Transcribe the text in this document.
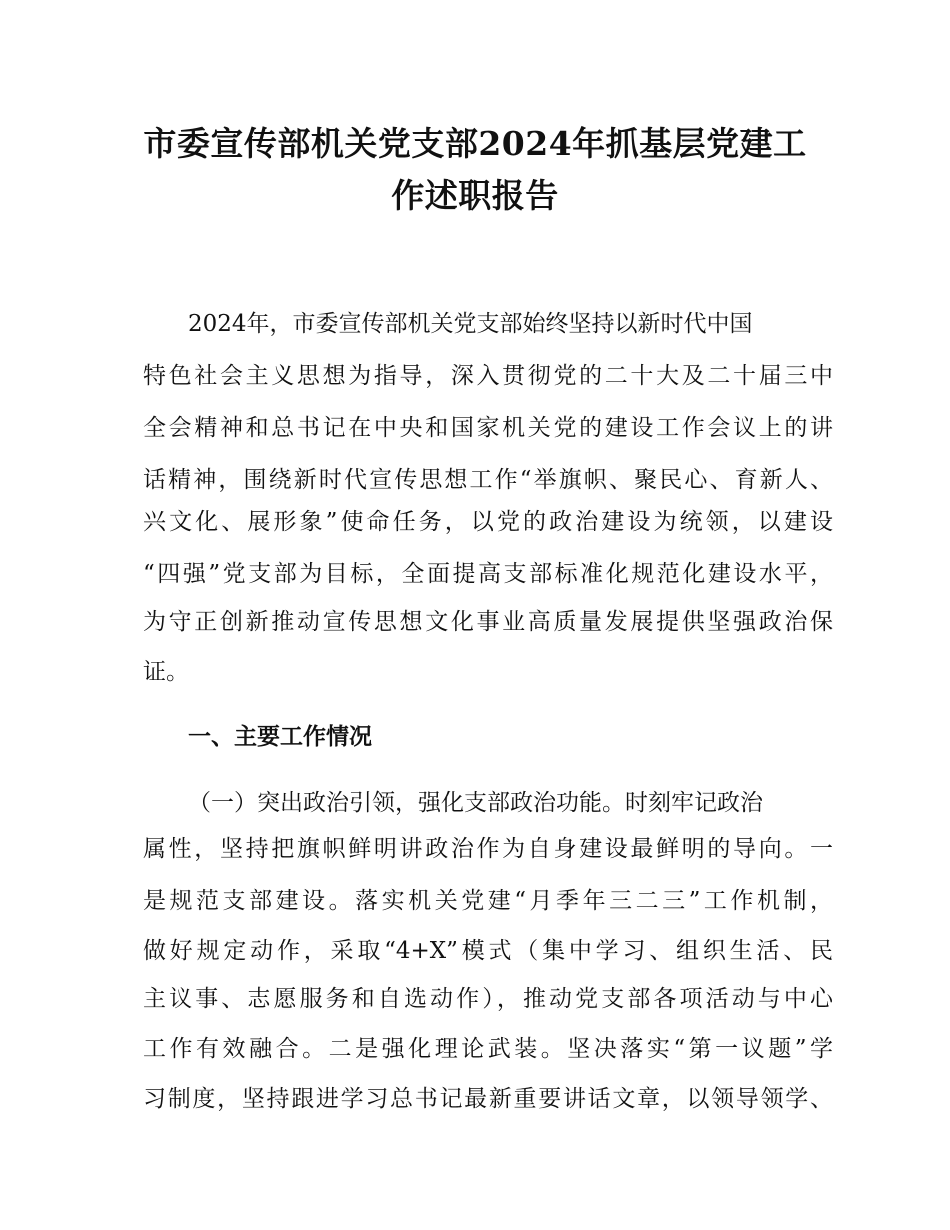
市委宣传部机关党支部2024年抓基层党建工
作述职报告

2024年，市委宣传部机关党支部始终坚持以新时代中国

特色社会主义思想为指导，深入贯彻党的二十大及二十届三中

全会精神和总书记在中央和国家机关党的建设工作会议上的讲

话精神，围绕新时代宣传思想工作“举旗帜、聚民心、育新人、

兴文化、展形象”使命任务，以党的政治建设为统领，以建设

“四强”党支部为目标，全面提高支部标准化规范化建设水平，

为守正创新推动宣传思想文化事业高质量发展提供坚强政治保

证。

一、主要工作情况

（一）突出政治引领，强化支部政治功能。时刻牢记政治

属性，坚持把旗帜鲜明讲政治作为自身建设最鲜明的导向。一

是规范支部建设。落实机关党建“月季年三二三”工作机制，

做好规定动作，采取“4+X”模式（集中学习、组织生活、民

主议事、志愿服务和自选动作），推动党支部各项活动与中心

工作有效融合。二是强化理论武装。坚决落实“第一议题”学

习制度，坚持跟进学习总书记最新重要讲话文章，以领导领学、
